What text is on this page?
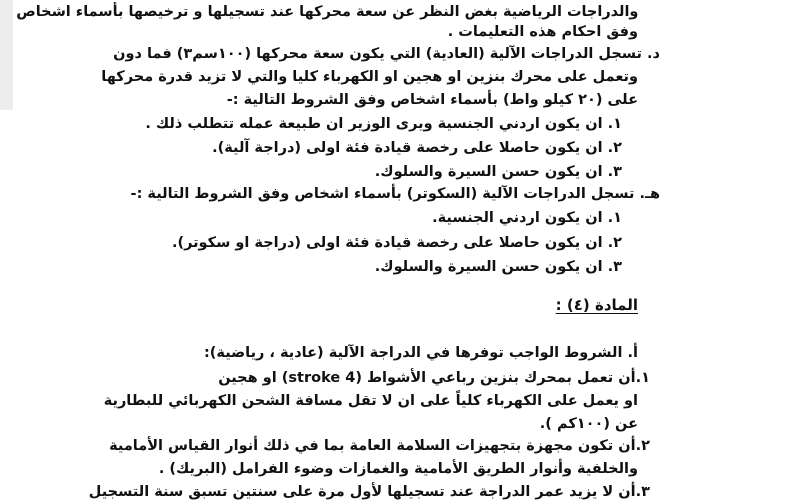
والدراجات الرياضية بغض النظر عن سعة محركها عند تسجيلها و ترخيصها بأسماء اشخاص
وفق احكام هذه التعليمات .
د. تسجل الدراجات الآلية (العادية) التي يكون سعة محركها (١٠٠سم٣) فما دون
وتعمل على محرك بنزين او هجين او الكهرباء كليا والتي لا تزيد قدرة محركها
على (٢٠ كيلو واط) بأسماء اشخاص وفق الشروط التالية :-
١. ان يكون اردني الجنسية ويرى الوزير ان طبيعة عمله تتطلب ذلك .
٢. ان يكون حاصلا على رخصة قيادة فئة اولى (دراجة آلية).
٣. ان يكون حسن السيرة والسلوك.
هـ. تسجل الدراجات الآلية (السكوتر) بأسماء اشخاص وفق الشروط التالية :-
١. ان يكون اردني الجنسية.
٢. ان يكون حاصلا على رخصة قيادة فئة اولى (دراجة او سكوتر).
٣. ان يكون حسن السيرة والسلوك.
المادة (٤) :
أ. الشروط الواجب توفرها في الدراجة الآلية (عادية ، رياضية):
١.أن تعمل بمحرك بنزين رباعي الأشواط (4 stroke) او هجين
او يعمل على الكهرباء كلياً على ان لا تقل مسافة الشحن الكهربائي للبطارية
عن (١٠٠كم ).
٢.أن تكون مجهزة بتجهيزات السلامة العامة بما في ذلك أنوار القياس الأمامية
والخلفية وأنوار الطريق الأمامية والغمازات وضوء الفرامل (البريك) .
٣.أن لا يزيد عمر الدراجة عند تسجيلها لأول مرة على سنتين تسبق سنة التسجيل
